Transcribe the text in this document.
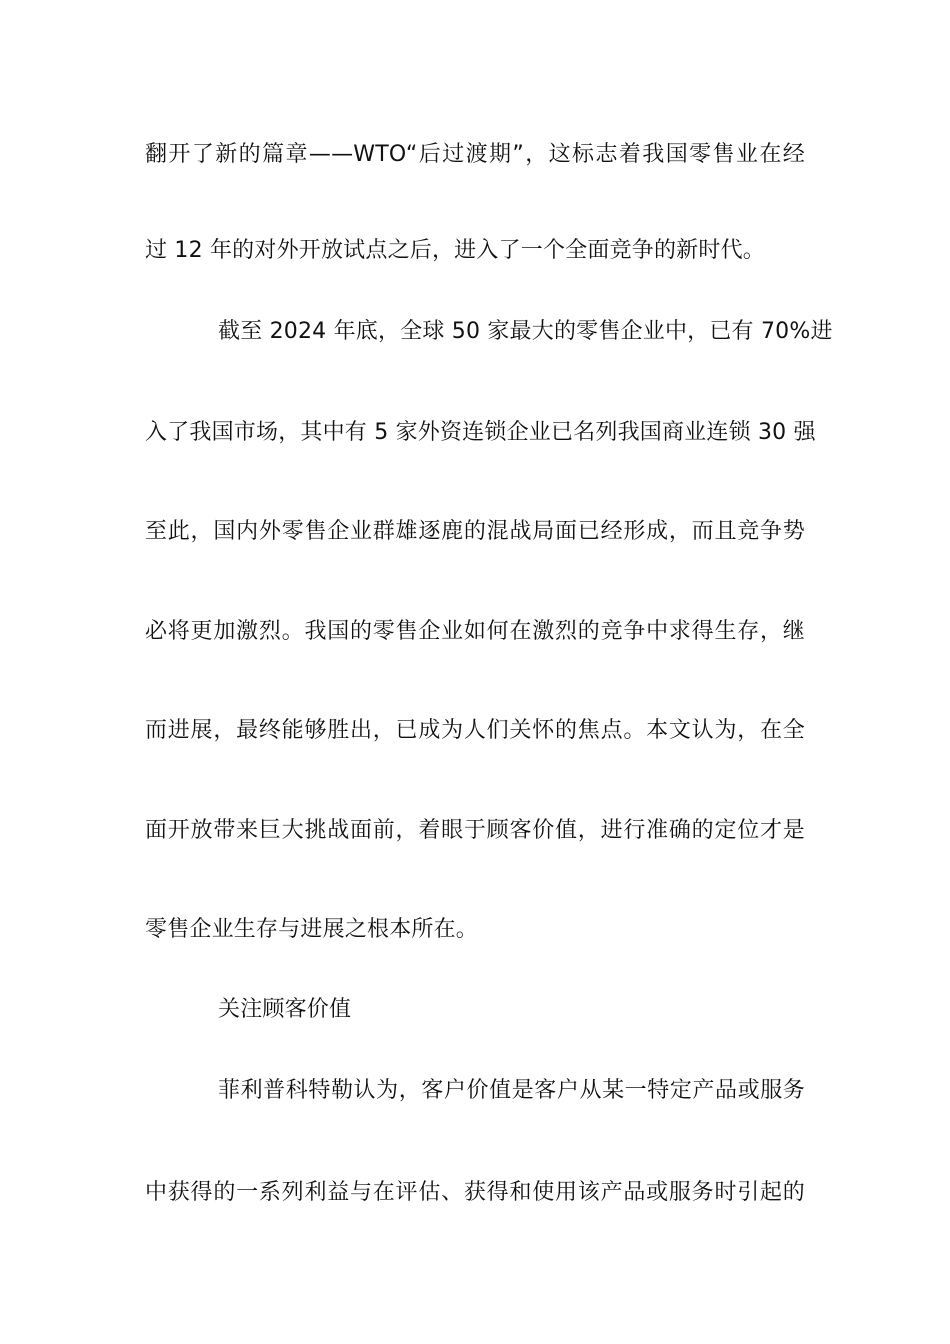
翻开了新的篇章——WTO“后过渡期”，这标志着我国零售业在经
过 12 年的对外开放试点之后，进入了一个全面竞争的新时代。
截至 2024 年底，全球 50 家最大的零售企业中，已有 70%进
入了我国市场，其中有 5 家外资连锁企业已名列我国商业连锁 30 强
至此，国内外零售企业群雄逐鹿的混战局面已经形成，而且竞争势
必将更加激烈。我国的零售企业如何在激烈的竞争中求得生存，继
而进展，最终能够胜出，已成为人们关怀的焦点。本文认为，在全
面开放带来巨大挑战面前，着眼于顾客价值，进行准确的定位才是
零售企业生存与进展之根本所在。
关注顾客价值
菲利普科特勒认为，客户价值是客户从某一特定产品或服务
中获得的一系列利益与在评估、获得和使用该产品或服务时引起的
